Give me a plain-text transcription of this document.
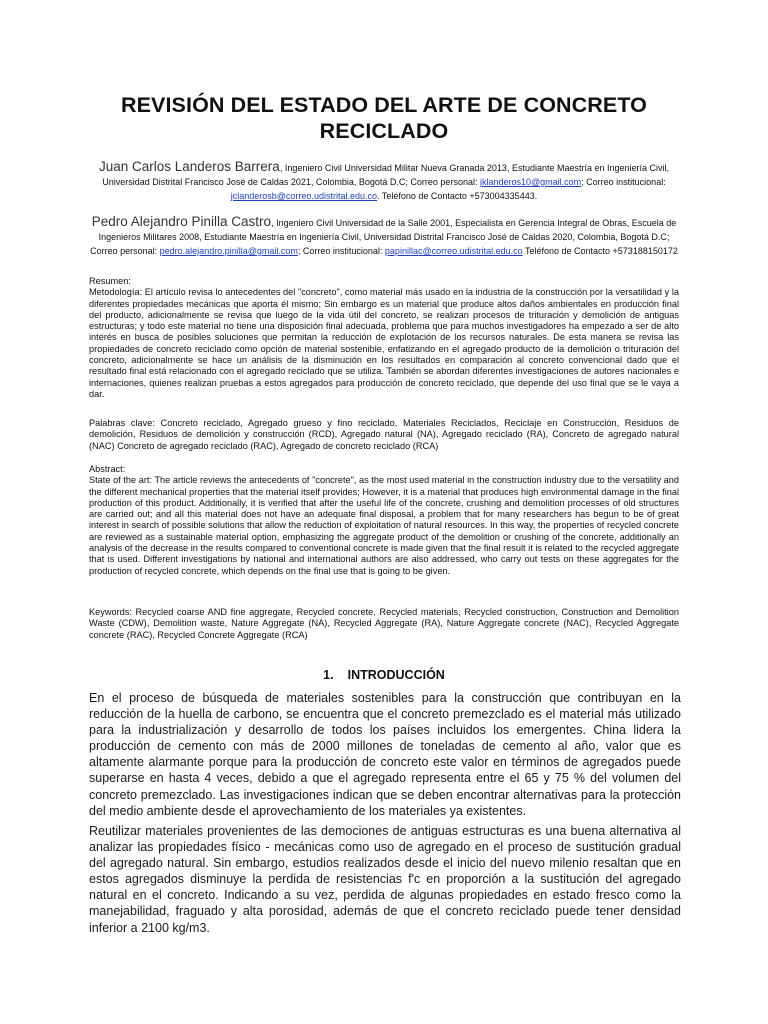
REVISIÓN DEL ESTADO DEL ARTE DE CONCRETO
RECICLADO
Juan Carlos Landeros Barrera, Ingeniero Civil Universidad Militar Nueva Granada 2013, Estudiante Maestría en Ingeniería Civil, Universidad Distrital Francisco José de Caldas 2021, Colombia, Bogotá D.C; Correo personal: jklanderos10@gmail.com; Correo institucional: jclanderosb@correo.udistrital.edu.co. Teléfono de Contacto +573004335443.
Pedro Alejandro Pinilla Castro, Ingeniero Civil Universidad de la Salle 2001, Especialista en Gerencia Integral de Obras, Escuela de Ingenieros Militares 2008, Estudiante Maestría en Ingeniería Civil, Universidad Distrital Francisco José de Caldas 2020, Colombia, Bogotá D.C; Correo personal: pedro.alejandro.pinilla@gmail.com; Correo institucional: papinillac@correo.udistrital.edu.co Teléfono de Contacto +573188150172
Resumen:
Metodología: El artículo revisa lo antecedentes del "concreto", como material más usado en la industria de la construcción por la versatilidad y la diferentes propiedades mecánicas que aporta él mismo; Sin embargo es un material que produce altos daños ambientales en producción final del producto, adicionalmente se revisa que luego de la vida útil del concreto, se realizan procesos de trituración y demolición de antiguas estructuras; y todo este material no tiene una disposición final adecuada, problema que para muchos investigadores ha empezado a ser de alto interés en busca de posibles soluciones que permitan la reducción de explotación de los recursos naturales. De esta manera se revisa las propiedades de concreto reciclado como opción de material sostenible, enfatizando en el agregado producto de la demolición o trituración del concreto, adicionalmente se hace un análisis de la disminución en los resultados en comparación al concreto convencional dado que el resultado final está relacionado con el agregado reciclado que se utiliza. También se abordan diferentes investigaciones de autores nacionales e internaciones, quienes realizan pruebas a estos agregados para producción de concreto reciclado, que depende del uso final que se le vaya a dar.
Palabras clave: Concreto reciclado, Agregado grueso y fino reciclado, Materiales Reciclados, Reciclaje en Construcción, Residuos de demolición, Residuos de demolición y construcción (RCD), Agregado natural (NA), Agregado reciclado (RA), Concreto de agregado natural (NAC) Concreto de agregado reciclado (RAC), Agregado de concreto reciclado (RCA)
Abstract:
State of the art: The article reviews the antecedents of "concrete", as the most used material in the construction industry due to the versatility and the different mechanical properties that the material itself provides; However, it is a material that produces high environmental damage in the final production of this product. Additionally, it is verified that after the useful life of the concrete, crushing and demolition processes of old structures are carried out; and all this material does not have an adequate final disposal, a problem that for many researchers has begun to be of great interest in search of possible solutions that allow the reduction of exploitation of natural resources. In this way, the properties of recycled concrete are reviewed as a sustainable material option, emphasizing the aggregate product of the demolition or crushing of the concrete, additionally an analysis of the decrease in the results compared to conventional concrete is made given that the final result it is related to the recycled aggregate that is used. Different investigations by national and international authors are also addressed, who carry out tests on these aggregates for the production of recycled concrete, which depends on the final use that is going to be given.
Keywords: Recycled coarse AND fine aggregate, Recycled concrete, Recycled materials, Recycled construction, Construction and Demolition Waste (CDW), Demolition waste, Nature Aggregate (NA), Recycled Aggregate (RA), Nature Aggregate concrete (NAC), Recycled Aggregate concrete (RAC), Recycled Concrete Aggregate (RCA)
1. INTRODUCCIÓN
En el proceso de búsqueda de materiales sostenibles para la construcción que contribuyan en la reducción de la huella de carbono, se encuentra que el concreto premezclado es el material más utilizado para la industrialización y desarrollo de todos los países incluidos los emergentes. China lidera la producción de cemento con más de 2000 millones de toneladas de cemento al año, valor que es altamente alarmante porque para la producción de concreto este valor en términos de agregados puede superarse en hasta 4 veces, debido a que el agregado representa entre el 65 y 75 % del volumen del concreto premezclado. Las investigaciones indican que se deben encontrar alternativas para la protección del medio ambiente desde el aprovechamiento de los materiales ya existentes.
Reutilizar materiales provenientes de las demociones de antiguas estructuras es una buena alternativa al analizar las propiedades físico - mecánicas como uso de agregado en el proceso de sustitución gradual del agregado natural. Sin embargo, estudios realizados desde el inicio del nuevo milenio resaltan que en estos agregados disminuye la perdida de resistencias f'c en proporción a la sustitución del agregado natural en el concreto. Indicando a su vez, perdida de algunas propiedades en estado fresco como la manejabilidad, fraguado y alta porosidad, además de que el concreto reciclado puede tener densidad inferior a 2100 kg/m3.
